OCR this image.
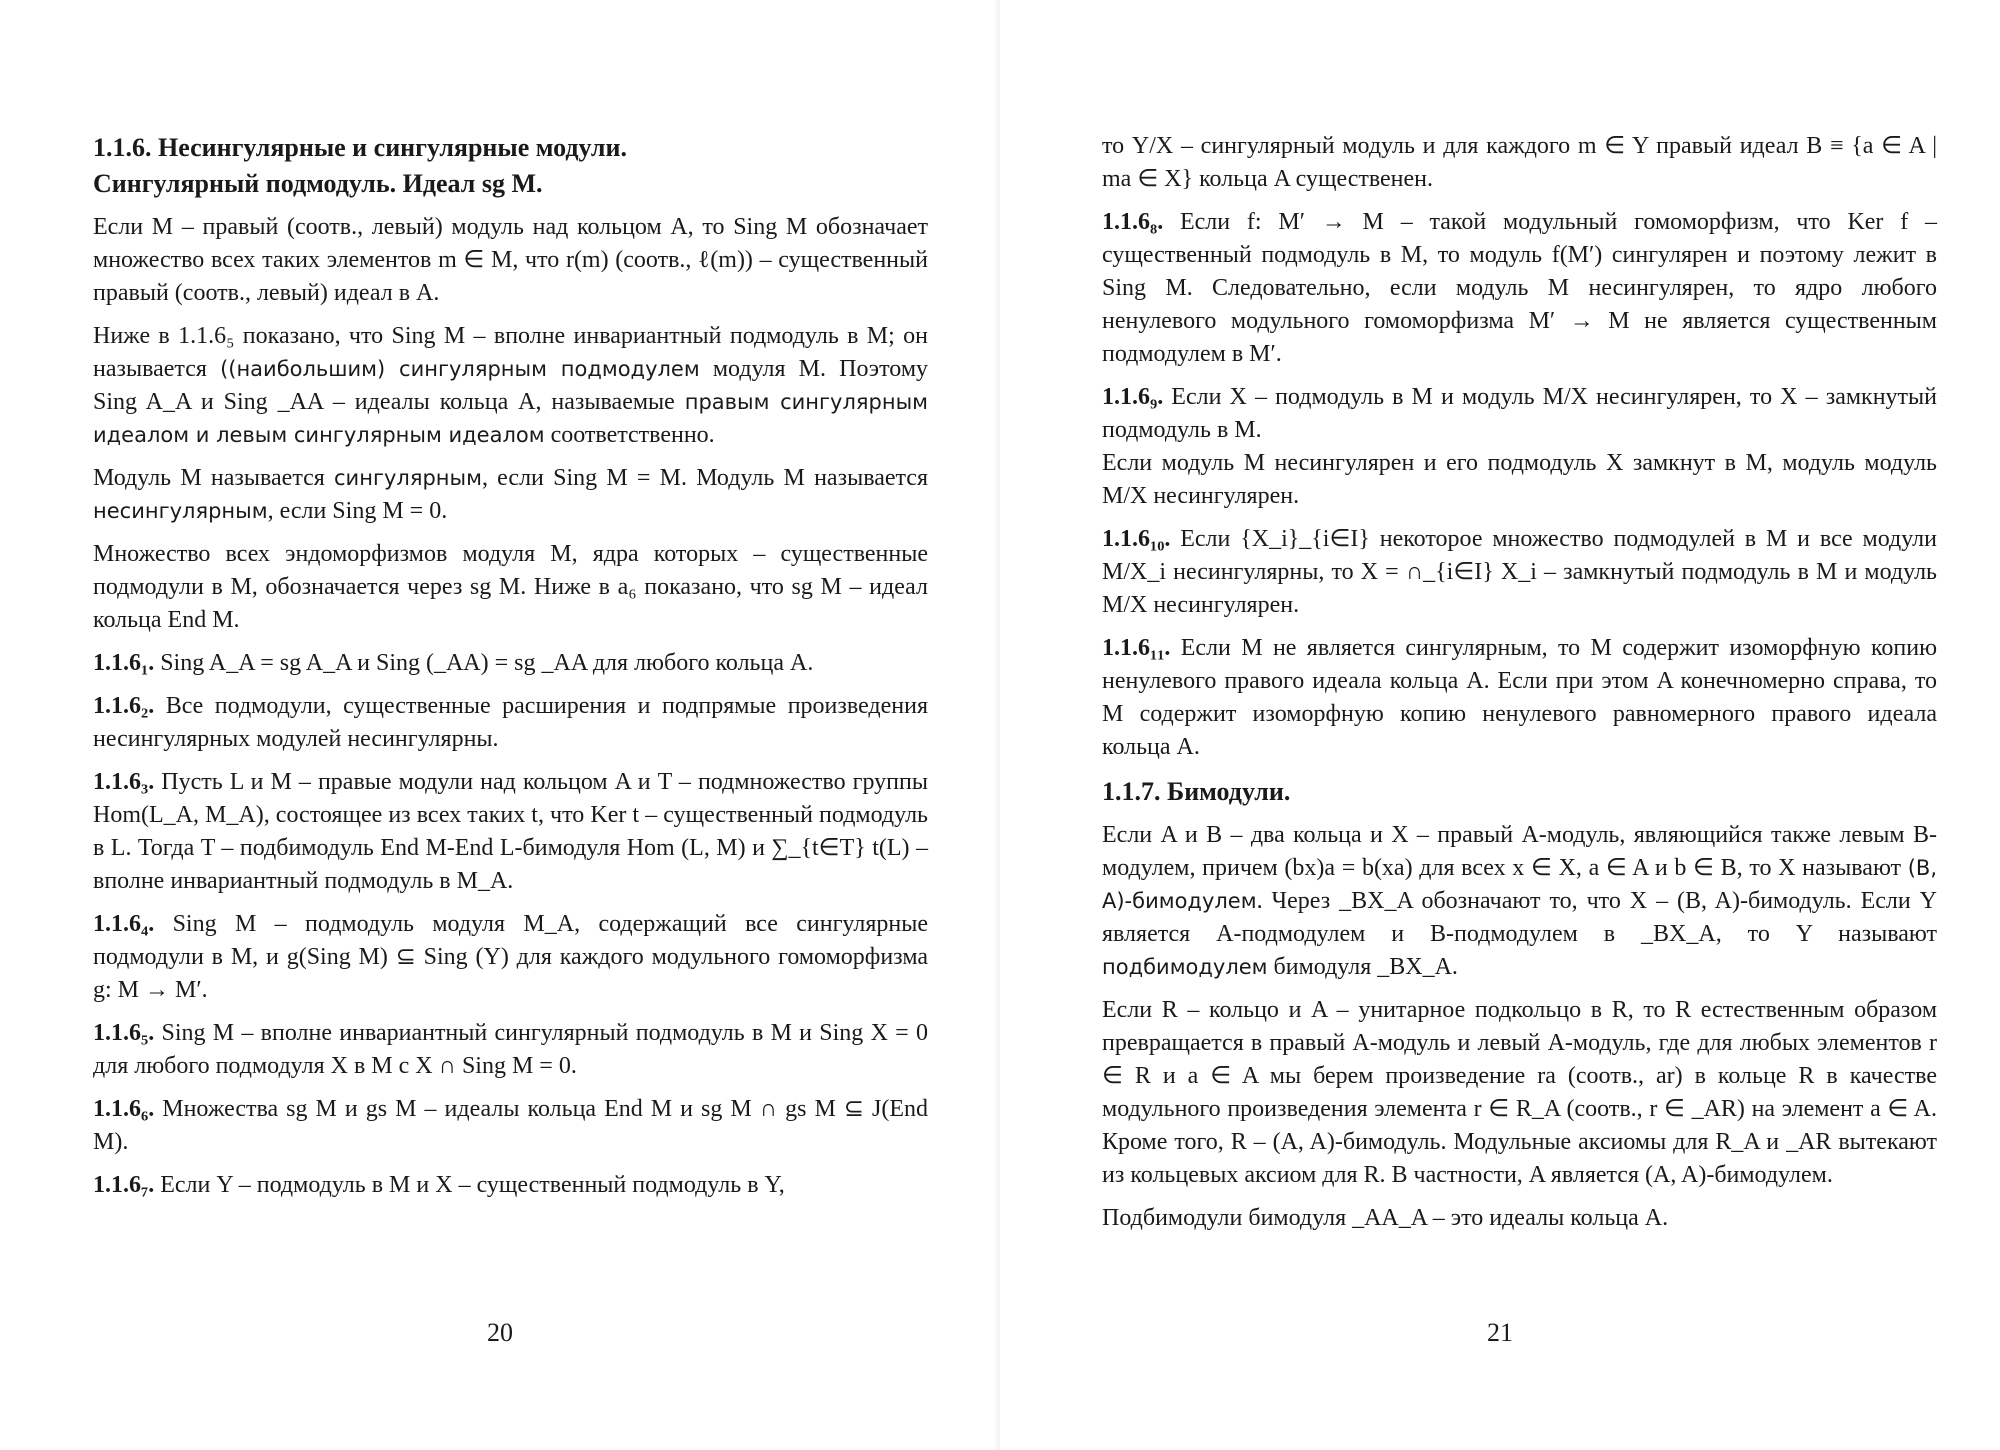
1.1.6. Несингулярные и сингулярные модули.
Сингулярный подмодуль. Идеал sg M.

Если M – правый (соотв., левый) модуль над кольцом A, то Sing M обозначает множество всех таких элементов m ∈ M, что r(m) (соотв., ℓ(m)) – существенный правый (соотв., левый) идеал в A.

Ниже в 1.1.6₅ показано, что Sing M – вполне инвариантный подмодуль в M; он называется ((наибольшим) сингулярным подмодулем модуля M. Поэтому Sing A_A и Sing _AA – идеалы кольца A, называемые правым сингулярным идеалом и левым сингулярным идеалом соответственно.

Модуль M называется сингулярным, если Sing M = M. Модуль M называется несингулярным, если Sing M = 0.

Множество всех эндоморфизмов модуля M, ядра которых – существенные подмодули в M, обозначается через sg M. Ниже в a₆ показано, что sg M – идеал кольца End M.

1.1.6₁. Sing A_A = sg A_A и Sing (_AA) = sg _AA для любого кольца A.

1.1.6₂. Все подмодули, существенные расширения и подпрямые произведения несингулярных модулей несингулярны.

1.1.6₃. Пусть L и M – правые модули над кольцом A и T – подмножество группы Hom(L_A, M_A), состоящее из всех таких t, что Ker t – существенный подмодуль в L. Тогда T – подбимодуль End M-End L-бимодуля Hom (L, M) и ∑_{t∈T} t(L) – вполне инвариантный подмодуль в M_A.

1.1.6₄. Sing M – подмодуль модуля M_A, содержащий все сингулярные подмодули в M, и g(Sing M) ⊆ Sing (Y) для каждого модульного гомоморфизма g: M → M′.

1.1.6₅. Sing M – вполне инвариантный сингулярный подмодуль в M и Sing X = 0 для любого подмодуля X в M с X ∩ Sing M = 0.

1.1.6₆. Множества sg M и gs M – идеалы кольца End M и sg M ∩ gs M ⊆ J(End M).

1.1.6₇. Если Y – подмодуль в M и X – существенный подмодуль в Y,

20

то Y/X – сингулярный модуль и для каждого m ∈ Y правый идеал B ≡ {a ∈ A | ma ∈ X} кольца A существенен.

1.1.6₈. Если f: M′ → M – такой модульный гомоморфизм, что Ker f – существенный подмодуль в M, то модуль f(M′) сингулярен и поэтому лежит в Sing M. Следовательно, если модуль M несингулярен, то ядро любого ненулевого модульного гомоморфизма M′ → M не является существенным подмодулем в M′.

1.1.6₉. Если X – подмодуль в M и модуль M/X несингулярен, то X – замкнутый подмодуль в M.
Если модуль M несингулярен и его подмодуль X замкнут в M, модуль модуль M/X несингулярен.

1.1.6₁₀. Если {X_i}_{i∈I} некоторое множество подмодулей в M и все модули M/X_i несингулярны, то X = ∩_{i∈I} X_i – замкнутый подмодуль в M и модуль M/X несингулярен.

1.1.6₁₁. Если M не является сингулярным, то M содержит изоморфную копию ненулевого правого идеала кольца A. Если при этом A конечномерно справа, то M содержит изоморфную копию ненулевого равномерного правого идеала кольца A.

1.1.7. Бимодули.

Если A и B – два кольца и X – правый A-модуль, являющийся также левым B-модулем, причем (bx)a = b(xa) для всех x ∈ X, a ∈ A и b ∈ B, то X называют (B, A)-бимодулем. Через _BX_A обозначают то, что X – (B, A)-бимодуль. Если Y является A-подмодулем и B-подмодулем в _BX_A, то Y называют подбимодулем бимодуля _BX_A.

Если R – кольцо и A – унитарное подкольцо в R, то R естественным образом превращается в правый A-модуль и левый A-модуль, где для любых элементов r ∈ R и a ∈ A мы берем произведение ra (соотв., ar) в кольце R в качестве модульного произведения элемента r ∈ R_A (соотв., r ∈ _AR) на элемент a ∈ A. Кроме того, R – (A, A)-бимодуль. Модульные аксиомы для R_A и _AR вытекают из кольцевых аксиом для R. В частности, A является (A, A)-бимодулем.

Подбимодули бимодуля _AA_A – это идеалы кольца A.

21
